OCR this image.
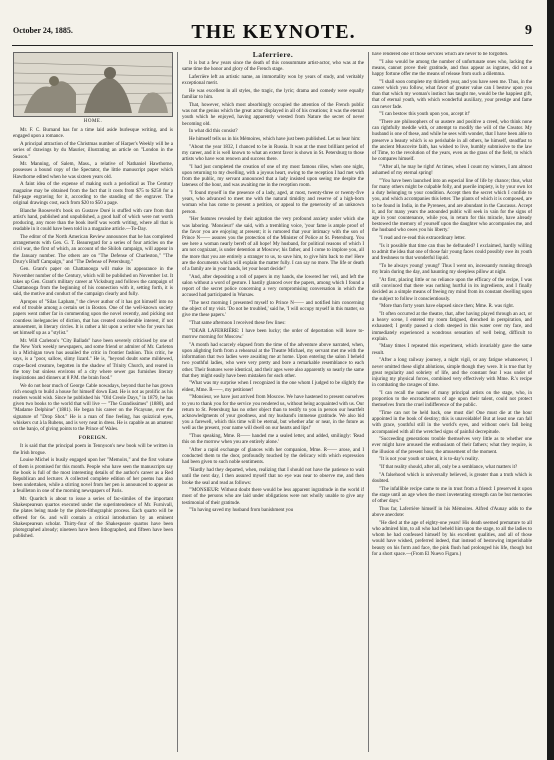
October 24, 1885.	THE KEYNOTE.	9
HOME.

Mr. F. C. Burnand has for a time laid aside burlesque writing, and is engaged upon a romance.

A principal attraction of the Christmas number of Harper's Weekly will be a series of drawings by du Maurier, illustrating an article on "London in the Season."

Mr. Manning, of Salem, Mass., a relative of Nathaniel Hawthorne, possesses a bound copy of the Spectator, the little manuscript paper which Hawthorne edited when he was sixteen years old.

A faint idea of the expense of making such a periodical as The Century magazine may be obtained from the fact that it costs from $75 to $250 for a full-page engraving for it, according to the standing of the engraver. The original drawings cost, each from $20 to $50 a page.

Blanche Roosevelt's book on Gustave Doré is stuffed with care from that artist's hand, published and unpublished, a good half of which were not worth producing, any more than the book itself was worth writing, where all that is readable in it could have been told in a magazine article.—To-Day.

The editor of the North American Review announces that he has completed arrangements with Gen. G. T. Beauregard for a series of four articles on the civil war, the first of which, an account of the Shiloh campaign, will appear in the January number. The others are on "The Defense of Charleston," "The Drury's Bluff Campaign," and "The Defense of Petersburg."

Gen. Grant's paper on Chattanooga will make its appearance in the November number of the Century, which will be published on November 1st. It takes up Gen. Grant's military career at Vicksburg and follows the campaign of Chattanooga from the beginning of his connection with it, setting forth, it is said, the motive and conduct of the campaign clearly and fully.

Apropos of "Silas Lapham," the clever author of it has got himself into no end of trouble among a certain set in Boston. One of the well-known society papers went rather far in commenting upon the novel recently, and picking out countless inelegancies of diction, that has created considerable interest, if not amusement, in literary circles. It is rather a hit upon a writer who for years has set himself up as a "stylist."

Mr. Will Carleton's "City Ballads" have been severely criticised by one of the New York weekly newspapers, and some friend or admirer of Mr. Carleton in a Michigan town has assailed the critic in frontier fashion. This critic, he says, is a "poor, sallow, slimy lizard." He is, "beyond doubt some mildewed, crape-faced creature, begotten in the shadow of Trinity Church, and reared in the tony but sinless environs of a city where sewer gas furnishes literary inspirations and dinners at 8 P.M. the brain food."

We do not hear much of George Cable nowadays, beyond that he has grown rich enough to build a house for himself down East. He is not as prolific as his readers would wish. Since he published his "Old Creole Days," in 1879, he has given two books to the world that will live — "The Grandissimes" (1880), and "Madame Delphine" (1881). He began his career on the Picayune, over the signature of "Drop Shot." He is a man of fine feeling, has quizzical eyes, whiskers cut à la Rubens, and is very neat in dress. He is capable as an amateur on the banjo, of giving points to the Prince of Wales.

FOREIGN.

It is said that the principal poem in Tennyson's new book will be written in the Irish brogue.

Louise Michel is busily engaged upon her "Memoirs," and the first volume of them is promised for this month. People who have seen the manuscripts say the book is full of the most interesting details of the author's career as a Red Republican and lecturer. A collected complete edition of her poems has also been undertaken, while a stirring novel from her pen is announced to appear as a feuilleton in one of the morning newspapers of Paris.

Mr. Quaritch is about to issue a series of fac-similes of the important Shakespearean quartos executed under the superintendence of Mr. Furnivall, the plates being made by the photo-lithographic process. Each quarto will be offered for 6s. and will contain a critical introduction by an eminent Shakespearean scholar. Thirty-four of the Shakespeare quartos have been photographed already; nineteen have been lithographed, and fifteen have been published.

Laferriere.

It is but a few years since the death of this consummate artist-actor, who was at the same time the honor and glory of the French stage.

Laferrière left an artistic name, an immortality won by years of study, and veritably exceptional merit.

He was excellent in all styles, the tragic, the lyric; drama and comedy were equally familiar to him.

That, however, which most absorbingly occupied the attention of the French public was not the genius which the great actor displayed in all of his creations; it was the eternal youth which he enjoyed, having apparently wrested from Nature the secret of never becoming old.

In what did this consist?

He himself tells us in his Mémoires, which have just been published. Let us hear him:

"About the year 1832, I chanced to be in Russia. It was at the most brilliant period of my career, and it is well known to what an extent favor is shown in St. Petersburg to those artists who have won renown and success there.

"I had just completed the creation of one of my most famous rôles, when one night, upon returning to my dwelling, with a joyous heart, owing to the reception I had met with from the public, my servant announced that a lady insisted upon seeing me despite the lateness of the hour, and was awaiting me in the reception room.

"I found myself in the presence of a lady, aged, at most, twenty-three or twenty-five years, who advanced to meet me with the natural timidity and reserve of a high-born woman who has come to present a petition, or appeal to the generosity of an unknown person.

"Her features revealed by their agitation the very profound anxiety under which she was laboring. 'Monsieur!' she said, with a trembling voice, 'your fame is ample proof of the favor you are enjoying at present; it is rumored that your intimacy with the son of Prince N—— assures you the protection of the Minister of Police at St. Petersburg. You see here a woman nearly bereft of all hope! My husband, for political reasons of which I am not cognizant, is under detention at Moscow; his father, and I come to implore you, all the more that you are entirely a stranger to us, to save him, to give him back to me! Here are the documents which will explain the matter fully. I can say no more. The life or death of a family are in your hands, let your heart decide!'

"And, after depositing a roll of papers in my hands, she lowered her veil, and left the salon without a word of gesture. I hastily glanced over the papers, among which I found a report of the secret police concerning a very compromising conversation in which the accused had participated in Warsaw.

"The next morning I presented myself to Prince N—— and notified him concerning the object of my visit. 'Do not be troubled,' said he, 'I will occupy myself in this matter, so give me these papers.'

"That same afternoon I received these few lines:

"'DEAR LAFERRIÈRE: I have been lucky; the order of deportation will leave to-morrow morning for Moscow.'

"A month had scarcely elapsed from the time of the adventure above narrated, when, upon alighting forth from a rehearsal at the Theatre Michael, my servant met me with the information that two ladies were awaiting me at home. Upon entering the salon I beheld two youthful ladies, who were very pretty and bore a remarkable resemblance to each other. Their features were identical, and their ages were also apparently so nearly the same that they might easily have been mistaken for each other.

"What was my surprise when I recognized in the one whom I judged to be slightly the eldest, Mme. R——, my petitioner!

"'Monsieur, we have just arrived from Moscow. We have hastened to present ourselves to you to thank you for the service you rendered us, without being acquainted with us. Our return to St. Petersburg has no other object than to testify to you in person our heartfelt acknowledgments of your goodness, and my husband's immense gratitude. We also bid you a farewell, which this time will be eternal, but whether afar or near, in the future as well as the present, your name will dwell on our hearts and lips!'

"Thus speaking, Mme. R—— handed me a sealed letter, and added, smilingly: 'Read this on the morrow when you are entirely alone.'

"After a rapid exchange of glances with her companion, Mme. R—— arose, and I conducted them to the door, profoundly touched by the delicacy with which expression had been given to such noble sentiments.

"Hardly had they departed, when, realizing that I should not have the patience to wait until the next day, I then assured myself that no eye was near to observe me, and then broke the seal and read as follows:

"'MONSIEUR: Without doubt there would be less apparent ingratitude in the world if most of the persons who are laid under obligations were not wholly unable to give any testimonial of their gratitude.

"'In having saved my husband from banishment you

have rendered one of those services which are never to be forgotten.

"'I also would be among the number of unfortunate ones who, lacking the means, cannot prove their gratitude, and thus appear as ingrates, did not a happy fortune offer me the means of release from such a dilemma.

"'I shall soon complete my thirtieth year, and you have seen me. Thus, in the career which you follow, what favor of greater value can I bestow upon you than that which my woman's instinct has taught me, would be the happiest gift, that of eternal youth, with which wonderful auxiliary, your prestige and fame can never fade.

"'I can bestow this youth upon you, accept it!'

"There are philosophers of so austere and positive a creed, who think none can rightfully meddle with, or attempt to modify the will of the Creator. My husband is one of these, and while he sees with wonder, that I have been able to preserve a beauty which is so perishable in all others, he himself, steadfast to the ancient Muscovite faith, has wished to live, humbly submissive to the law of Time, to the revolution of the years, even as the grass of the field, to which he compares himself.

"'After all, he may be right! At times, when I count my winters, I am almost ashamed of my eternal spring!

"'You have been launched into an especial line of life by chance; thus, what for many others might be culpable folly, and puerile impiety, is by your own lot a duty belonging to your condition. Accept then the secret which I confide to you, and which accompanies this letter. The plants of which it is composed, are to be found in India, in the Pyrenees, and are abundant in the Caucasus. Accept it, and for many years the astounded public will seek in vain for the signs of age in your countenance, while you, in return for this miracle, have already bestowed the memory of yourself upon the daughter who accompanies me, and the husband who owes you his liberty.'

"I read and re-read this extraordinary letter.

"Is it possible that time can thus be defrauded? I exclaimed, hardly willing to admit the idea that one of those fair young faces could possibly owe its youth and freshness to that wonderful liquid.

"To be always young! young!' Thus I went on, incessantly running through my brain during the day, and haunting my sleepless pillow at night.

"At first, placing little or no reliance upon the efficacy of the recipe, I was still convinced that there was nothing hurtful in its ingredients, and I finally decided as a simple means of freeing my mind from its constant dwelling upon the subject to follow it conscientiously.

"More than forty years have elapsed since then; Mme. R. was right.

"It often occurred at the theatre, that, after having played through an act, or a heavy scene, I entered my room fatigued, drenched in perspiration, and exhausted; I gently passed a cloth steeped in this water over my face, and immediately experienced a wondrous sensation of well being, difficult to explain.

"Many times I repeated this experiment, which invariably gave the same result.

"After a long railway journey, a night vigil, or any fatigue whatsoever, I never omitted these slight ablutions, simple though they were. It is true that by great regularity and sobriety of life, and the constant fear I was under of injuring my physical forces, combined very effectively with Mme. R.'s recipe in combating the ravages of time.

"I can recall the names of many principal artists on the stage, who, in proportion to the encroachments of age upon their talent, could not protect themselves from the cruel indifference of the public.

"Time can not be held back, one must die! One must die at the hour appointed in the book of destiny; this is unavoidable! But at least one can fall with grace, youthful still in the world's eyes, and without one's fall being accompanied with all the wretched signs of painful decrepitude.

"Succeeding generations trouble themselves very little as to whether one ever might have aroused the enthusiasm of their fathers; what they require, is the illusion of the present hour, the amusement of the moment.

"It is not your youth or talent, it is to-day's reality.

"If that reality should, after all, only be a semblance, what matters it?

"A falsehood which is universally believed, is greater than a truth which is doubted.

"The infallible recipe came to me in trust from a friend: I preserved it upon the stage until an age when the most inveterating strength can be but memories of other days."

Thus far, Laferrière himself in his Mémoires. Alfred d'Aunay adds to the above anecdote:

"He died at the age of eighty-one years! His death seemed premature to all who admired him, to all who had beheld him upon the stage, to all the ladies to whom he had confessed himself by his excellent qualities, and all of those would have wished, preferred indeed, that instead of bestowing imperishable beauty on his form and face, the pink flush had prolonged his life, though but for a short space.—(From El Nuevo Figaro.)
